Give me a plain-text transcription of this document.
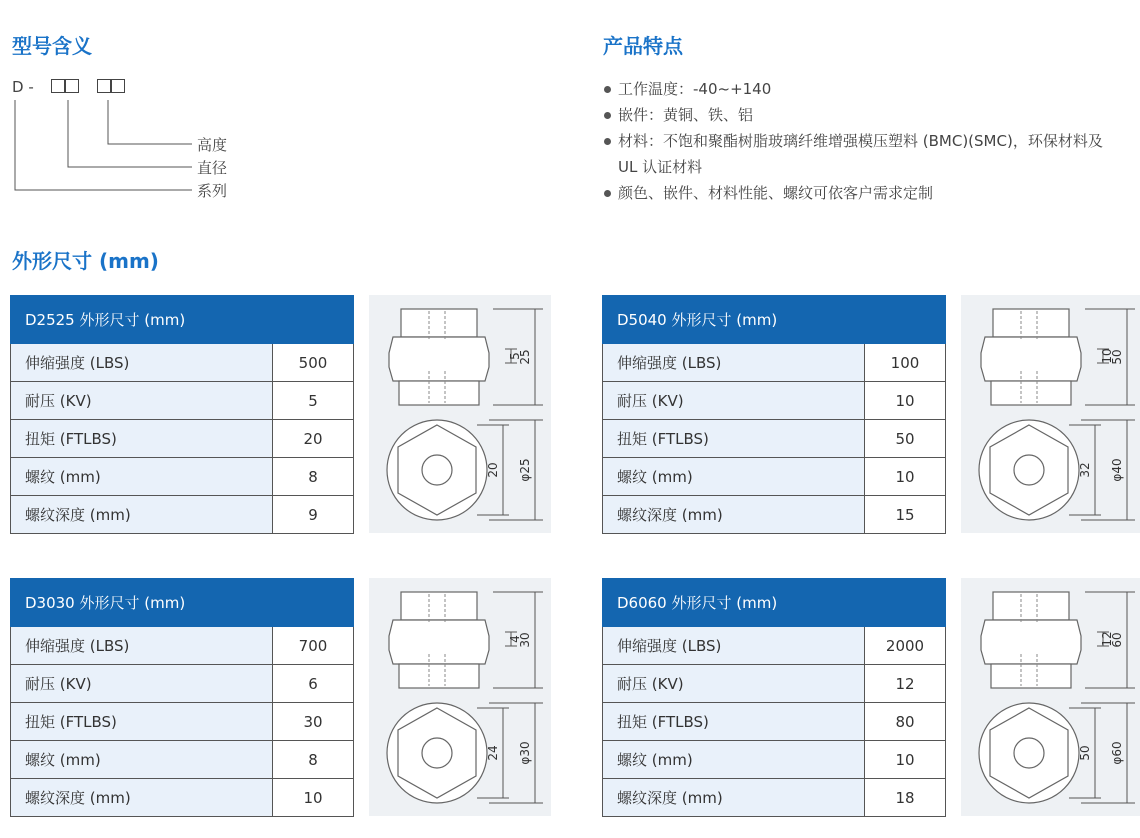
型号含义
D -
高度
直径
系列
产品特点
工作温度：-40~+140
嵌件：黄铜、铁、铝
材料：不饱和聚酯树脂玻璃纤维增强模压塑料 (BMC)(SMC)，环保材料及 UL 认证材料
颜色、嵌件、材料性能、螺纹可依客户需求定制
外形尺寸 (mm)
D2525 外形尺寸 (mm)	
伸缩强度 (LBS)	500
耐压 (KV)	5
扭矩 (FTLBS)	20
螺纹 (mm)	8
螺纹深度 (mm)	9
5
25
20 φ25
D5040 外形尺寸 (mm)	
伸缩强度 (LBS)	100
耐压 (KV)	10
扭矩 (FTLBS)	50
螺纹 (mm)	10
螺纹深度 (mm)	15
10
50
32 φ40
D3030 外形尺寸 (mm)	
伸缩强度 (LBS)	700
耐压 (KV)	6
扭矩 (FTLBS)	30
螺纹 (mm)	8
螺纹深度 (mm)	10
4
30
24 φ30
D6060 外形尺寸 (mm)	
伸缩强度 (LBS)	2000
耐压 (KV)	12
扭矩 (FTLBS)	80
螺纹 (mm)	10
螺纹深度 (mm)	18
12
60
50 φ60
